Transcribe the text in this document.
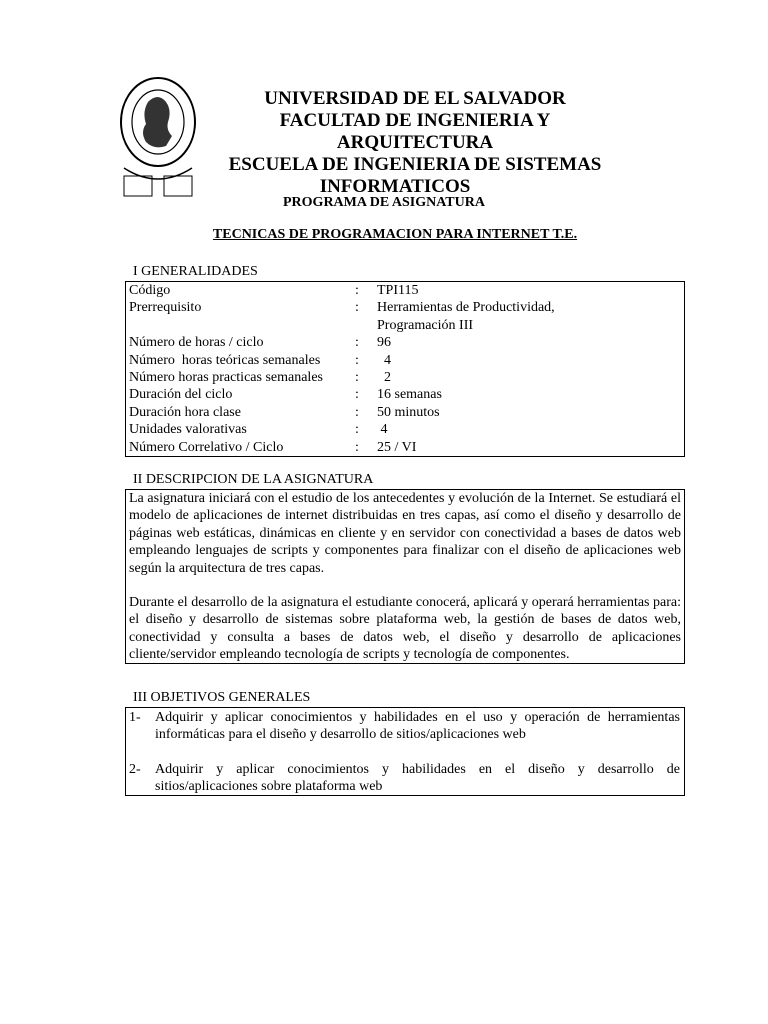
UNIVERSIDAD DE EL SALVADOR
FACULTAD DE INGENIERIA Y ARQUITECTURA
ESCUELA DE INGENIERIA DE SISTEMAS
INFORMATICOS
PROGRAMA DE ASIGNATURA
TECNICAS DE PROGRAMACION PARA INTERNET T.E.
I GENERALIDADES
Código	:	TPI115
Prerrequisito	:	Herramientas de Productividad,
Programación III
Número de horas / ciclo	:	96
Número  horas teóricas semanales	:	4
Número horas practicas semanales	:	2
Duración del ciclo	:	16 semanas
Duración hora clase	:	50 minutos
Unidades valorativas	:	4
Número Correlativo / Ciclo	:	25 / VI
II DESCRIPCION DE LA ASIGNATURA

La asignatura iniciará con el estudio de los antecedentes y evolución de la Internet. Se estudiará el modelo de aplicaciones de internet distribuidas en tres capas, así como el diseño y desarrollo de páginas web estáticas, dinámicas en cliente y en servidor con conectividad a bases de datos web empleando lenguajes de scripts y componentes para finalizar con el diseño de aplicaciones web según la arquitectura de tres capas.

Durante el desarrollo de la asignatura el estudiante conocerá, aplicará y operará herramientas para: el diseño y desarrollo de sistemas sobre plataforma web, la gestión de bases de datos web, conectividad y consulta a bases de datos web, el diseño y desarrollo de aplicaciones cliente/servidor empleando tecnología de scripts y tecnología de componentes.

III OBJETIVOS GENERALES
1-	Adquirir y aplicar conocimientos y habilidades en el uso y operación de herramientas informáticas para el diseño y desarrollo de sitios/aplicaciones web
2-	Adquirir y aplicar conocimientos y habilidades en el diseño y desarrollo de sitios/aplicaciones sobre plataforma web
